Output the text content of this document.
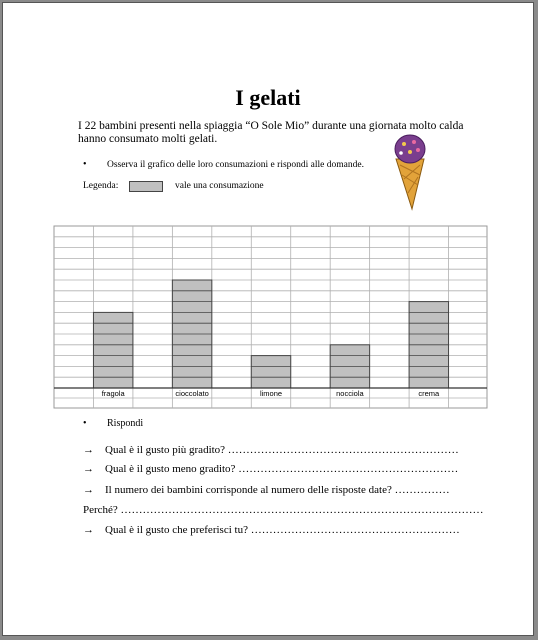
I gelati
I 22 bambini presenti nella spiaggia “O Sole Mio” durante una giornata molto calda hanno consumato molti gelati.
• Osserva il grafico delle loro consumazioni e rispondi alle domande.
Legenda:	vale una consumazione
fragola	cioccolato	limone	nocciola	crema
• Rispondi
→ Qual è il gusto più gradito? ………………………………………………………
→ Qual è il gusto meno gradito? ……………………………………………………
→ Il numero dei bambini corrisponde al numero delle risposte date? ……………
Perché? ………………………………………………………………………………………
→ Qual è il gusto che preferisci tu? …………………………………………………
